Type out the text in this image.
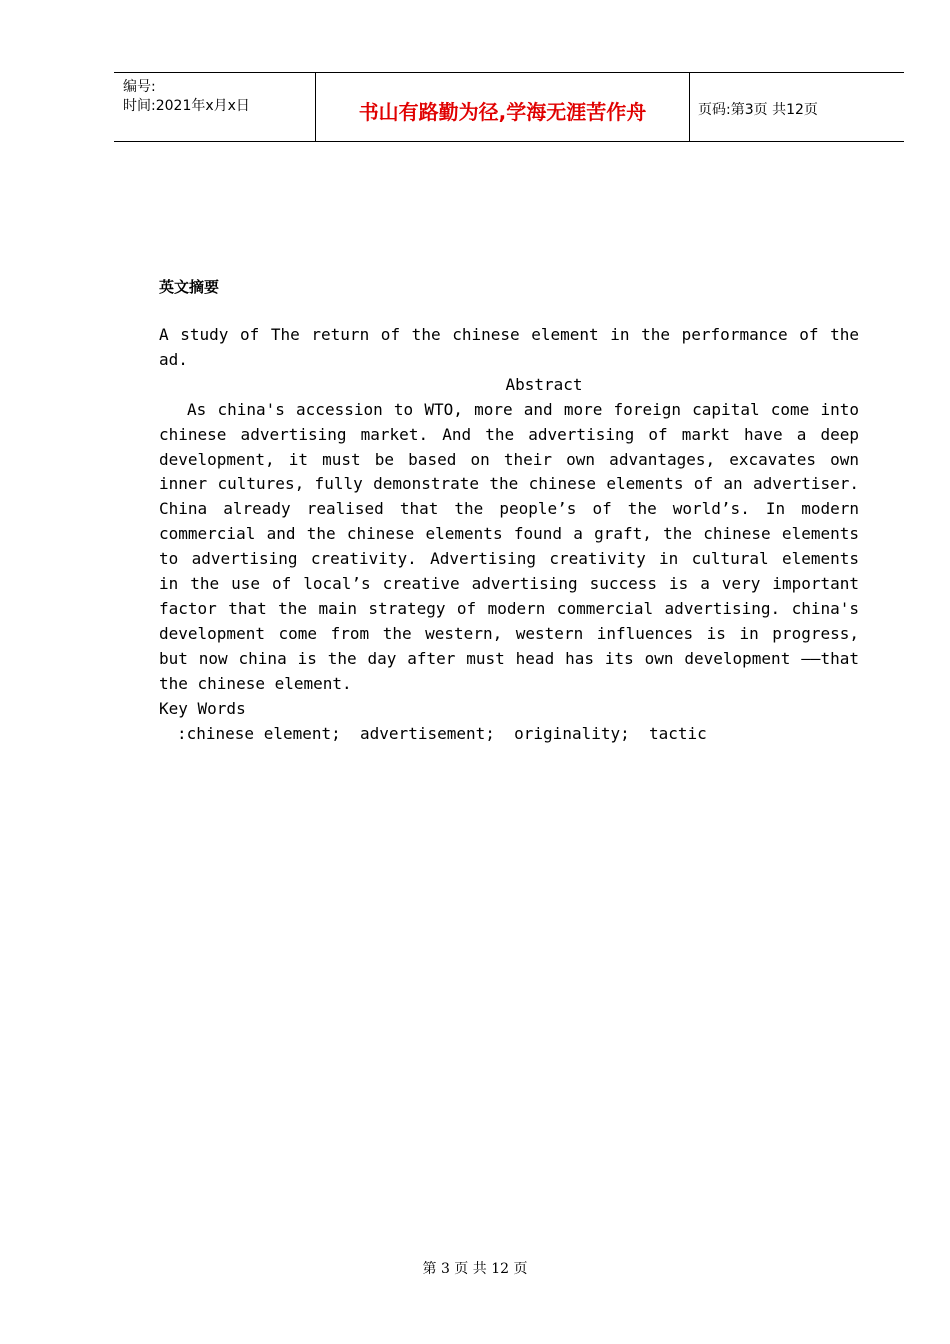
编号:
时间:2021年x月x日	书山有路勤为径,学海无涯苦作舟	页码:第3页 共12页
英文摘要

A study of The return of the chinese element in the performance of the ad.

Abstract

As china's accession to WTO, more and more foreign capital come into chinese advertising market. And the advertising of markt have a deep development, it must be based on their own advantages, excavates own inner cultures, fully demonstrate the chinese elements of an advertiser. China already realised that the people’s of the world’s. In modern commercial and the chinese elements found a graft, the chinese elements to advertising creativity. Advertising creativity in cultural elements in the use of local’s creative advertising success is a very important factor that the main strategy of modern commercial advertising. china's development come from the western, western influences is in progress, but now china is the day after must head has its own development ——that the chinese element.

Key Words

:chinese element;  advertisement;  originality;  tactic

第 3 页 共 12 页
